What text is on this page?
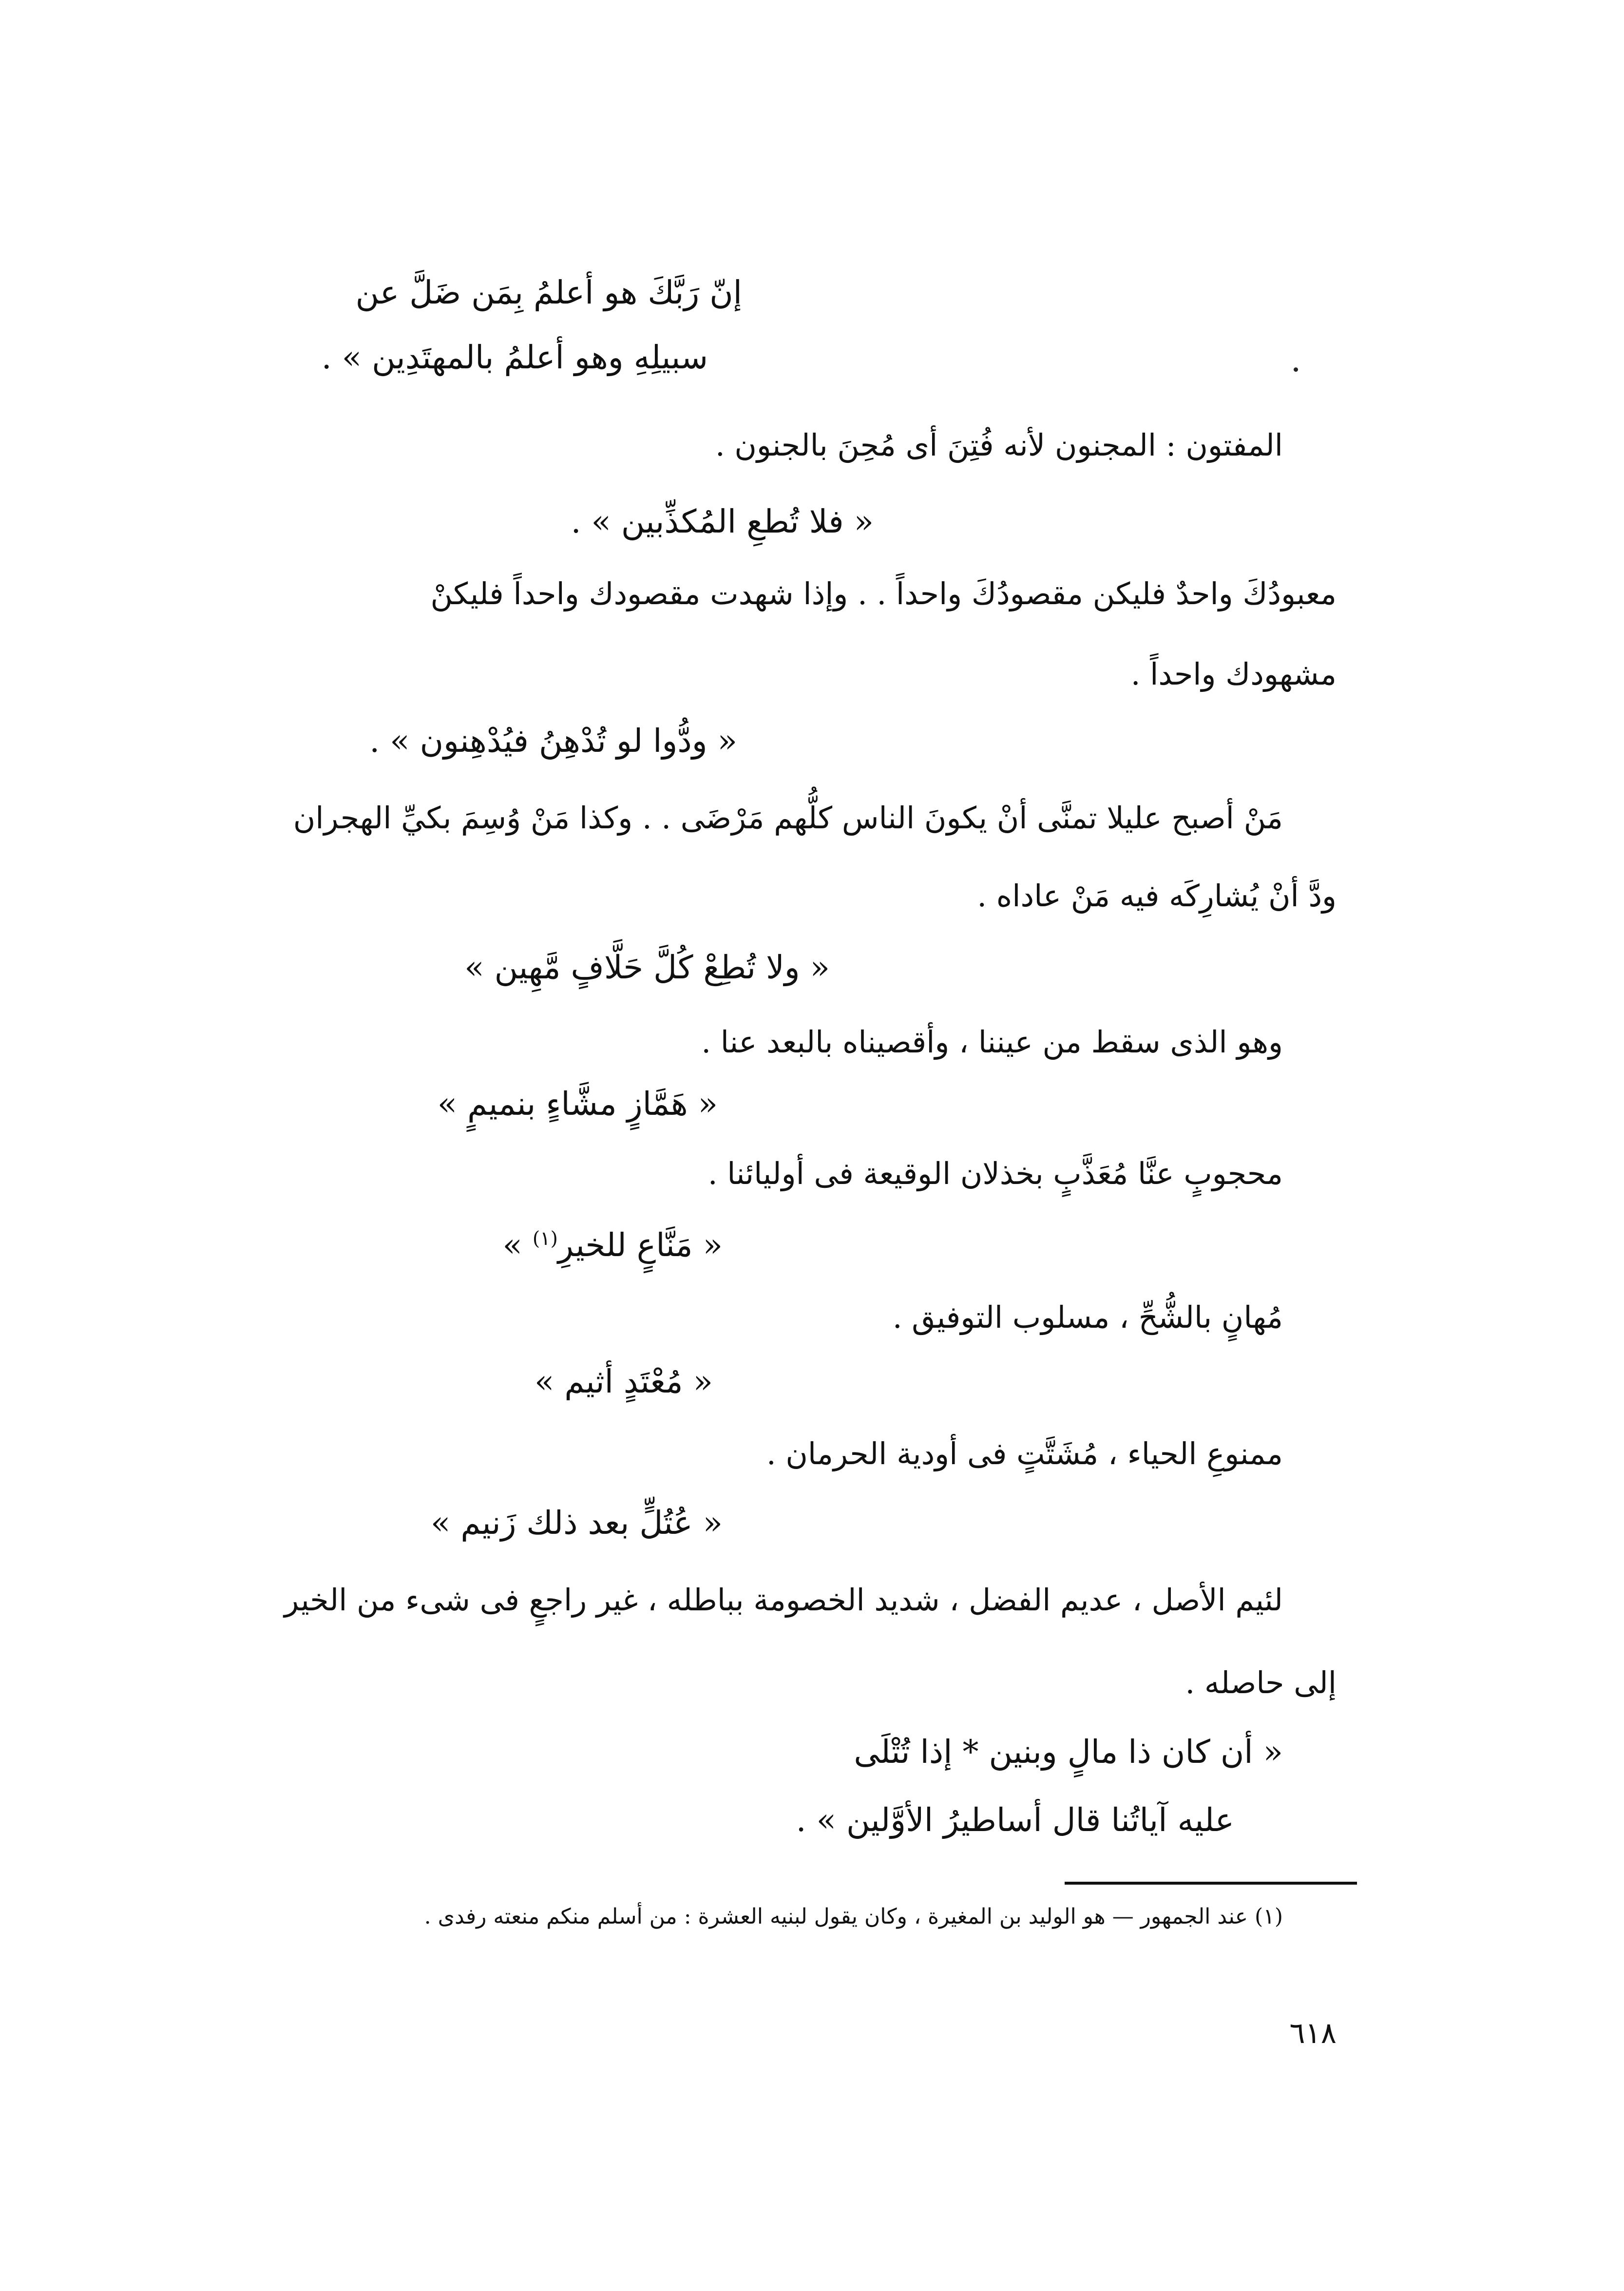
إنّ رَبَّكَ هو أعلمُ بِمَن ضَلَّ عن
سبيلِهِ وهو أعلمُ بالمهتَدِين » .
المفتون : المجنون لأنه فُتِنَ أى مُحِنَ بالجنون .
« فلا تُطعِ المُكذِّبين » .
معبودُكَ واحدٌ فليكن مقصودُكَ واحداً . . وإذا شهدت مقصودك واحداً فليكنْ
مشهودك واحداً .
« ودُّوا لو تُدْهِنُ فيُدْهِنون » .
مَنْ أصبح عليلا تمنَّى أنْ يكونَ الناس كلُّهم مَرْضَى . . وكذا مَنْ وُسِمَ بكيِّ الهجران
ودَّ أنْ يُشارِكَه فيه مَنْ عاداه .
« ولا تُطِعْ كُلَّ حَلَّافٍ مَّهِين »
وهو الذى سقط من عيننا ، وأقصيناه بالبعد عنا .
« هَمَّازٍ مشَّاءٍ بنميمٍ »
محجوبٍ عنَّا مُعَذَّبٍ بخذلان الوقيعة فى أوليائنا .
« مَنَّاعٍ للخيرِ$^{(١)}$ »
مُهانٍ بالشُّحِّ ، مسلوب التوفيق .
« مُعْتَدٍ أثيم »
ممنوعِ الحياء ، مُشَتَّتٍ فى أودية الحرمان .
« عُتُلٍّ بعد ذلك زَنيم »
لئيم الأصل ، عديم الفضل ، شديد الخصومة بباطله ، غير راجعٍ فى شىء من الخير
إلى حاصله .
« أن كان ذا مالٍ وبنين * إذا تُتْلَى
عليه آياتُنا قال أساطيرُ الأوَّلين » .
(١) عند الجمهور — هو الوليد بن المغيرة ، وكان يقول لبنيه العشرة : من أسلم منكم منعته رفدى .
٦١٨
